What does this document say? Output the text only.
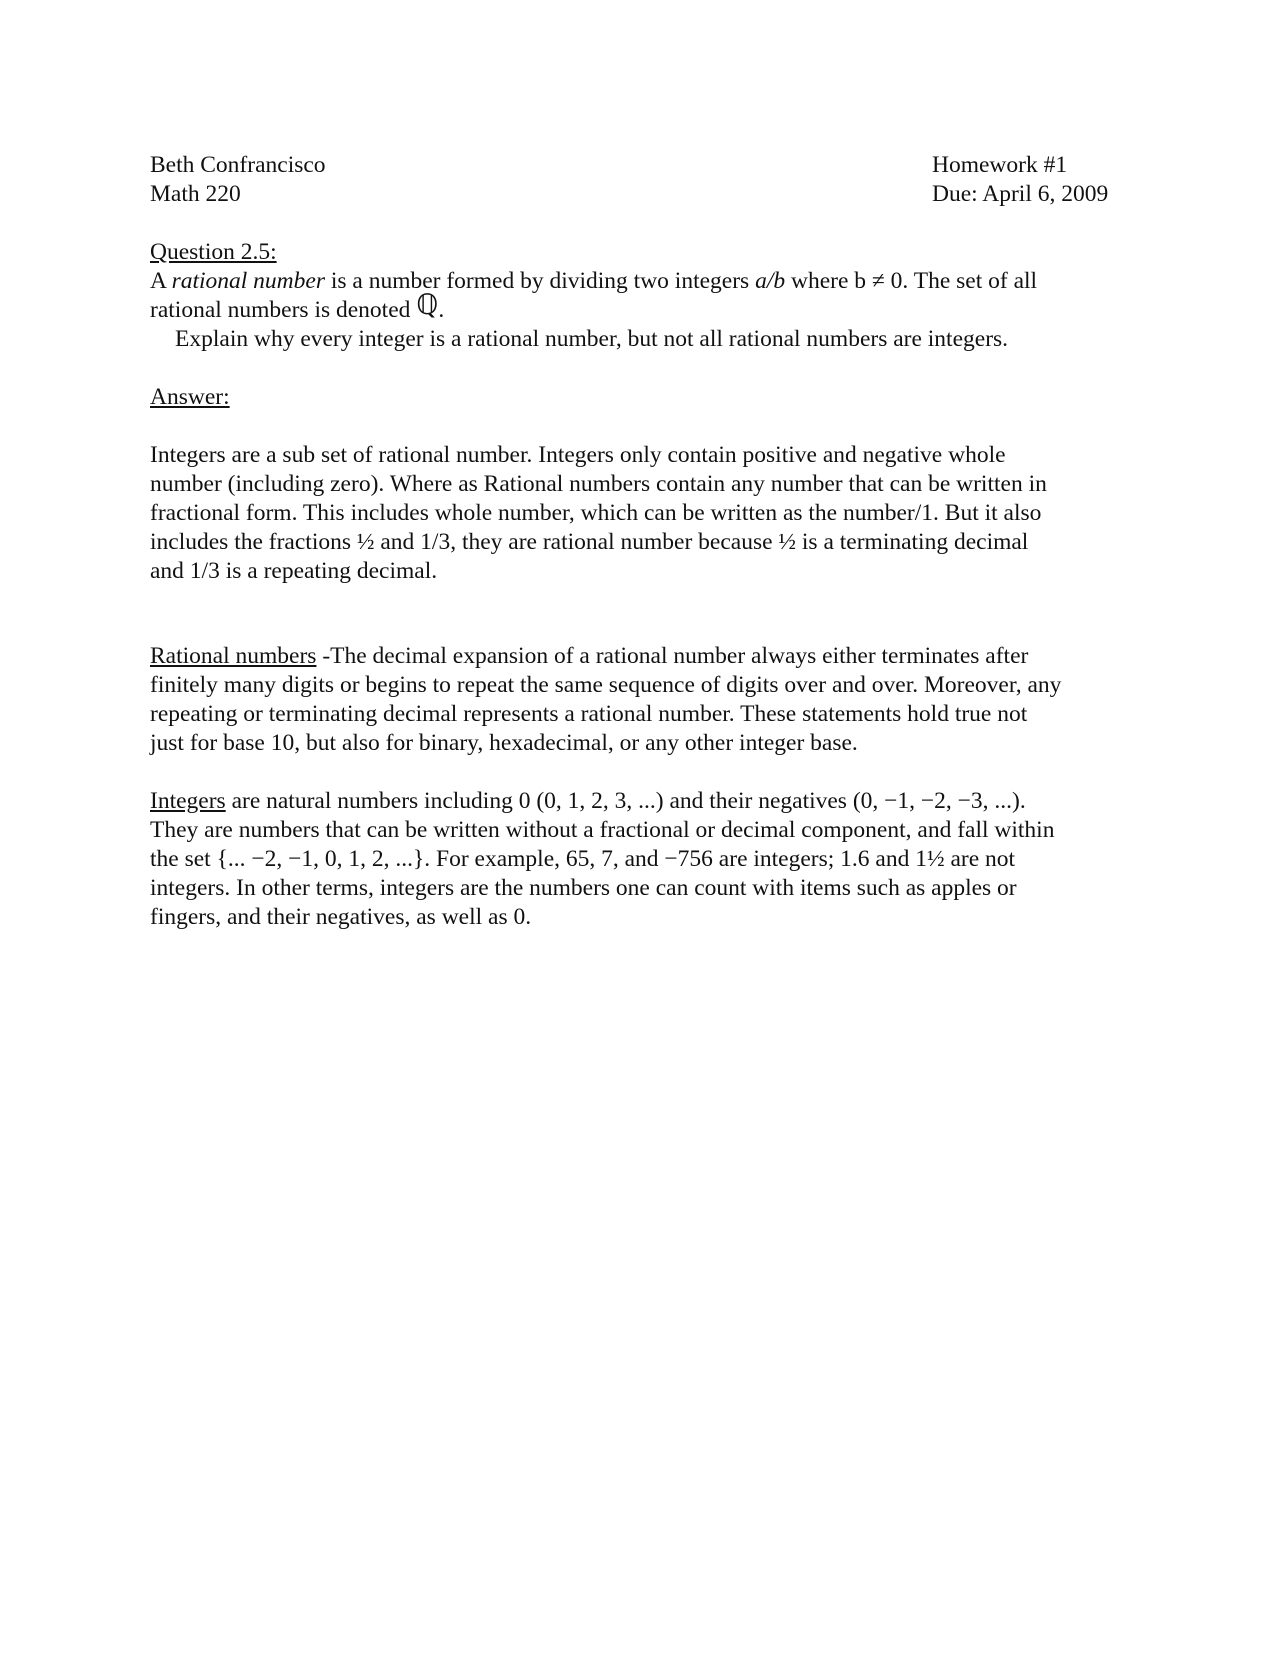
Beth Confrancisco
Math 220
Homework #1
Due: April 6, 2009
Question 2.5:
A rational number is a number formed by dividing two integers a/b where b ≠ 0. The set of all
rational numbers is denoted ℚ.
Explain why every integer is a rational number, but not all rational numbers are integers.
Answer:
Integers are a sub set of rational number. Integers only contain positive and negative whole
number (including zero). Where as Rational numbers contain any number that can be written in
fractional form. This includes whole number, which can be written as the number/1. But it also
includes the fractions ½ and 1/3, they are rational number because ½ is a terminating decimal
and 1/3 is a repeating decimal.
Rational numbers -The decimal expansion of a rational number always either terminates after
finitely many digits or begins to repeat the same sequence of digits over and over. Moreover, any
repeating or terminating decimal represents a rational number. These statements hold true not
just for base 10, but also for binary, hexadecimal, or any other integer base.
Integers are natural numbers including 0 (0, 1, 2, 3, ...) and their negatives (0, −1, −2, −3, ...).
They are numbers that can be written without a fractional or decimal component, and fall within
the set {... −2, −1, 0, 1, 2, ...}. For example, 65, 7, and −756 are integers; 1.6 and 1½ are not
integers. In other terms, integers are the numbers one can count with items such as apples or
fingers, and their negatives, as well as 0.
